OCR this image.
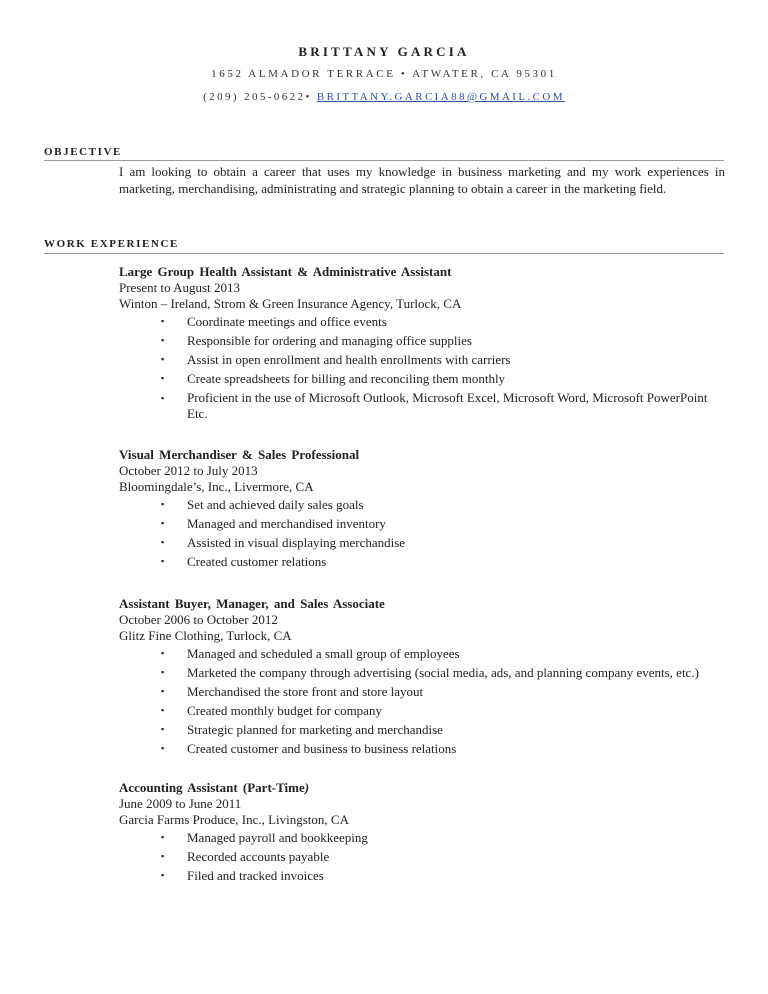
BRITTANY GARCIA
1652 ALMADOR TERRACE • ATWATER, CA 95301
(209) 205-0622• BRITTANY.GARCIA88@GMAIL.COM
OBJECTIVE
I am looking to obtain a career that uses my knowledge in business marketing and my work experiences in marketing, merchandising, administrating and strategic planning to obtain a career in the marketing field.
WORK EXPERIENCE
Large Group Health Assistant & Administrative Assistant
Present to August 2013
Winton – Ireland, Strom & Green Insurance Agency, Turlock, CA
▪ Coordinate meetings and office events
▪ Responsible for ordering and managing office supplies
▪ Assist in open enrollment and health enrollments with carriers
▪ Create spreadsheets for billing and reconciling them monthly
▪ Proficient in the use of Microsoft Outlook, Microsoft Excel, Microsoft Word, Microsoft PowerPoint Etc.
Visual Merchandiser & Sales Professional
October 2012 to July 2013
Bloomingdale’s, Inc., Livermore, CA
▪ Set and achieved daily sales goals
▪ Managed and merchandised inventory
▪ Assisted in visual displaying merchandise
▪ Created customer relations
Assistant Buyer, Manager, and Sales Associate
October 2006 to October 2012
Glitz Fine Clothing, Turlock, CA
▪ Managed and scheduled a small group of employees
▪ Marketed the company through advertising (social media, ads, and planning company events, etc.)
▪ Merchandised the store front and store layout
▪ Created monthly budget for company
▪ Strategic planned for marketing and merchandise
▪ Created customer and business to business relations
Accounting Assistant (Part-Time)
June 2009 to June 2011
Garcia Farms Produce, Inc., Livingston, CA
▪ Managed payroll and bookkeeping
▪ Recorded accounts payable
▪ Filed and tracked invoices
